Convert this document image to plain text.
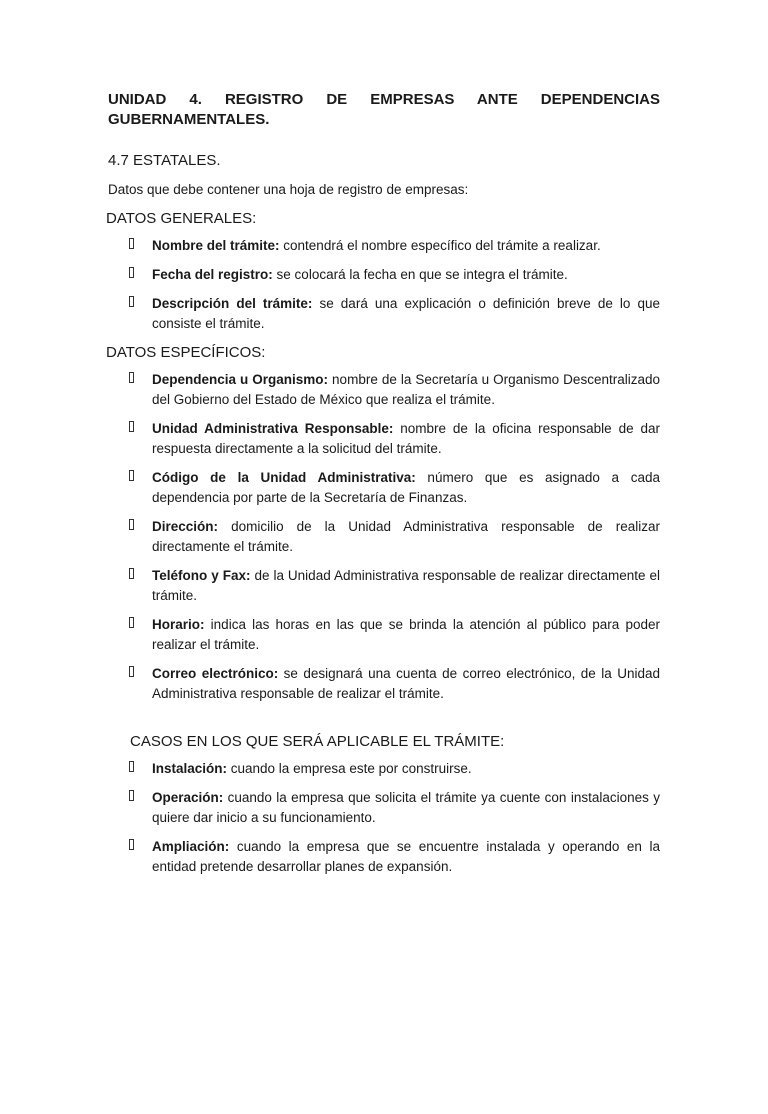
UNIDAD 4. REGISTRO DE EMPRESAS ANTE DEPENDENCIAS GUBERNAMENTALES.
4.7 ESTATALES.
Datos que debe contener una hoja de registro de empresas:
DATOS GENERALES:
Nombre del trámite: contendrá el nombre específico del trámite a realizar.
Fecha del registro: se colocará la fecha en que se integra el trámite.
Descripción del trámite: se dará una explicación o definición breve de lo que consiste el trámite.
DATOS ESPECÍFICOS:
Dependencia u Organismo: nombre de la Secretaría u Organismo Descentralizado del Gobierno del Estado de México que realiza el trámite.
Unidad Administrativa Responsable: nombre de la oficina responsable de dar respuesta directamente a la solicitud del trámite.
Código de la Unidad Administrativa: número que es asignado a cada dependencia por parte de la Secretaría de Finanzas.
Dirección: domicilio de la Unidad Administrativa responsable de realizar directamente el trámite.
Teléfono y Fax: de la Unidad Administrativa responsable de realizar directamente el trámite.
Horario: indica las horas en las que se brinda la atención al público para poder realizar el trámite.
Correo electrónico: se designará una cuenta de correo electrónico, de la Unidad Administrativa responsable de realizar el trámite.
CASOS EN LOS QUE SERÁ APLICABLE EL TRÁMITE:
Instalación: cuando la empresa este por construirse.
Operación: cuando la empresa que solicita el trámite ya cuente con instalaciones y quiere dar inicio a su funcionamiento.
Ampliación: cuando la empresa que se encuentre instalada y operando en la entidad pretende desarrollar planes de expansión.
